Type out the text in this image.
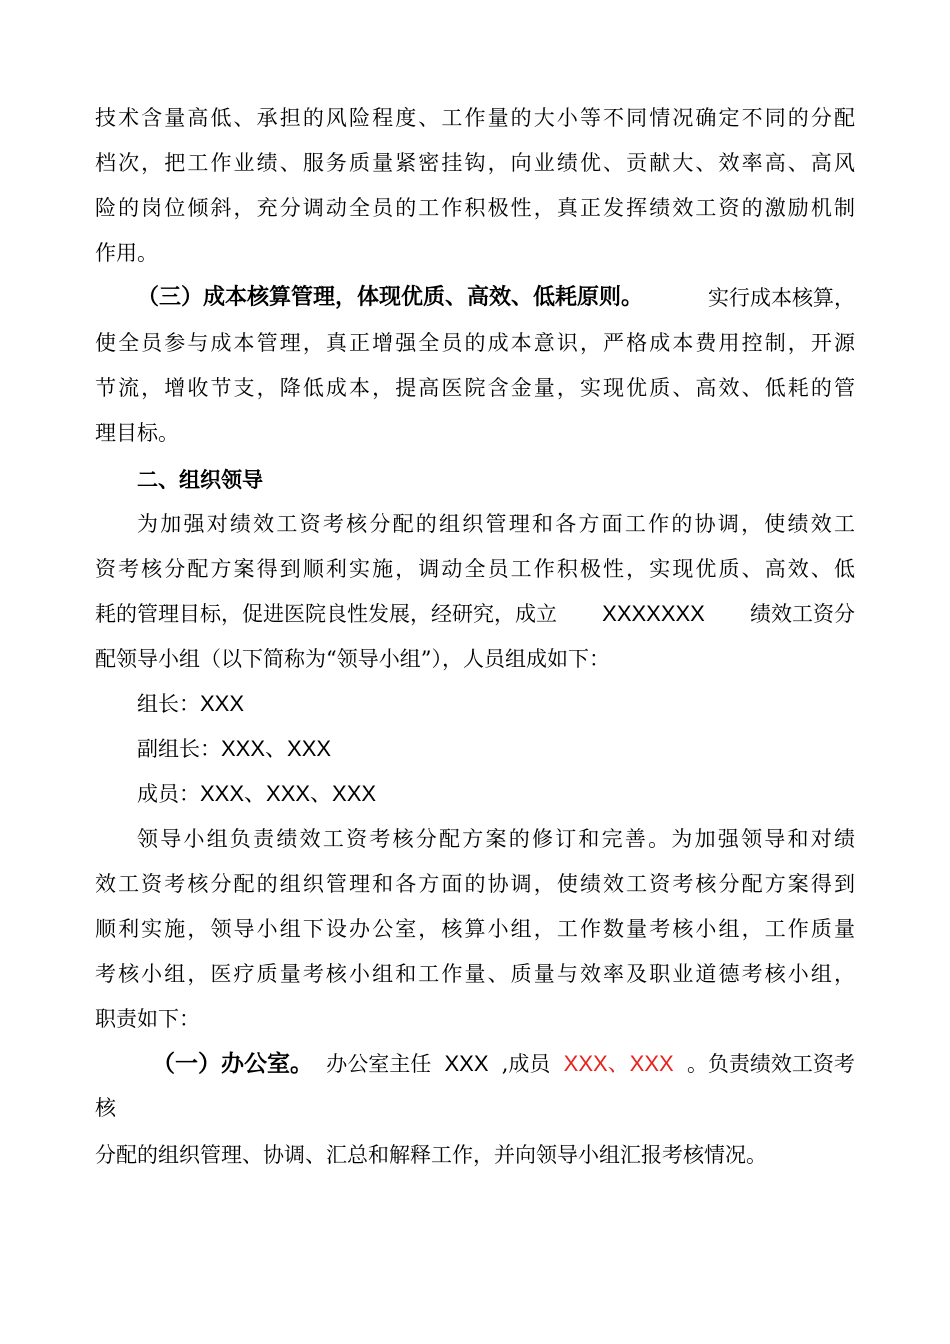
技术含量高低、承担的风险程度、工作量的大小等不同情况确定不同的分配
档次，把工作业绩、服务质量紧密挂钩，向业绩优、贡献大、效率高、高风
险的岗位倾斜，充分调动全员的工作积极性，真正发挥绩效工资的激励机制
作用。
（三）成本核算管理，体现优质、高效、低耗原则。	实行成本核算，
使全员参与成本管理，真正增强全员的成本意识，严格成本费用控制，开源
节流，增收节支，降低成本，提高医院含金量，实现优质、高效、低耗的管
理目标。
二、组织领导
为加强对绩效工资考核分配的组织管理和各方面工作的协调，使绩效工
资考核分配方案得到顺利实施，调动全员工作积极性，实现优质、高效、低
耗的管理目标，促进医院良性发展，经研究，成立 XXXXXXX 绩效工资分
配领导小组（以下简称为“领导小组”），人员组成如下：
组长：XXX
副组长：XXX、XXX
成员：XXX、XXX、XXX
领导小组负责绩效工资考核分配方案的修订和完善。为加强领导和对绩
效工资考核分配的组织管理和各方面的协调，使绩效工资考核分配方案得到
顺利实施，领导小组下设办公室，核算小组，工作数量考核小组，工作质量
考核小组，医疗质量考核小组和工作量、质量与效率及职业道德考核小组，
职责如下：
（一）办公室。 办公室主任 XXX ,成员 XXX、XXX 。负责绩效工资考
核
分配的组织管理、协调、汇总和解释工作，并向领导小组汇报考核情况。
